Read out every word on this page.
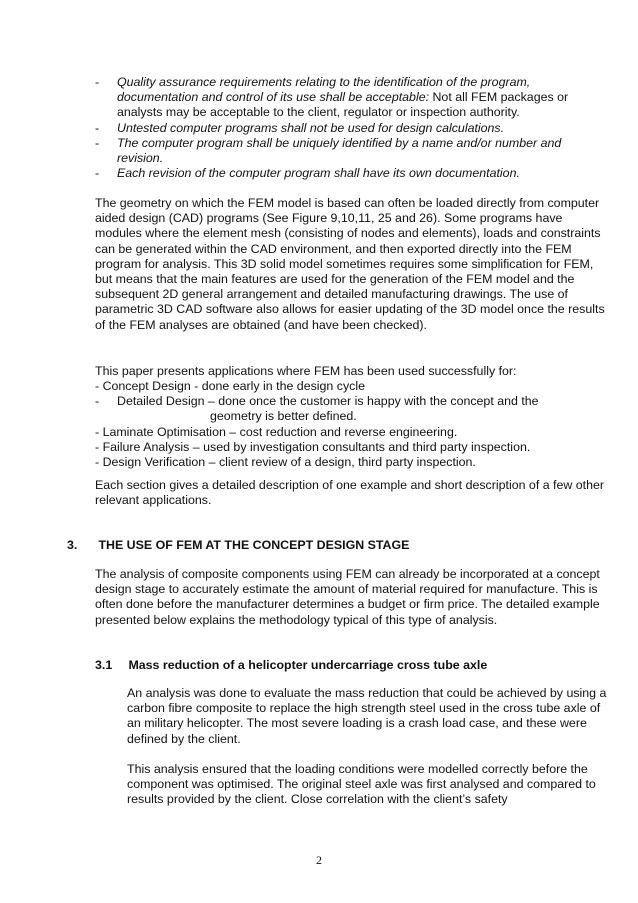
- Quality assurance requirements relating to the identification of the program, documentation and control of its use shall be acceptable: Not all FEM packages or analysts may be acceptable to the client, regulator or inspection authority.
- Untested computer programs shall not be used for design calculations.
- The computer program shall be uniquely identified by a name and/or number and revision.
- Each revision of the computer program shall have its own documentation.

The geometry on which the FEM model is based can often be loaded directly from computer aided design (CAD) programs (See Figure 9,10,11, 25 and 26). Some programs have modules where the element mesh (consisting of nodes and elements), loads and constraints can be generated within the CAD environment, and then exported directly into the FEM program for analysis. This 3D solid model sometimes requires some simplification for FEM, but means that the main features are used for the generation of the FEM model and the subsequent 2D general arrangement and detailed manufacturing drawings. The use of parametric 3D CAD software also allows for easier updating of the 3D model once the results of the FEM analyses are obtained (and have been checked).

This paper presents applications where FEM has been used successfully for:

- Concept Design - done early in the design cycle
- Detailed Design – done once the customer is happy with the concept and the
geometry is better defined.
- Laminate Optimisation – cost reduction and reverse engineering.
- Failure Analysis – used by investigation consultants and third party inspection.
- Design Verification – client review of a design, third party inspection.

Each section gives a detailed description of one example and short description of a few other relevant applications.

3. THE USE OF FEM AT THE CONCEPT DESIGN STAGE

The analysis of composite components using FEM can already be incorporated at a concept design stage to accurately estimate the amount of material required for manufacture. This is often done before the manufacturer determines a budget or firm price. The detailed example presented below explains the methodology typical of this type of analysis.

3.1 Mass reduction of a helicopter undercarriage cross tube axle

An analysis was done to evaluate the mass reduction that could be achieved by using a carbon fibre composite to replace the high strength steel used in the cross tube axle of an military helicopter. The most severe loading is a crash load case, and these were defined by the client.

This analysis ensured that the loading conditions were modelled correctly before the component was optimised. The original steel axle was first analysed and compared to results provided by the client. Close correlation with the client’s safety

2
